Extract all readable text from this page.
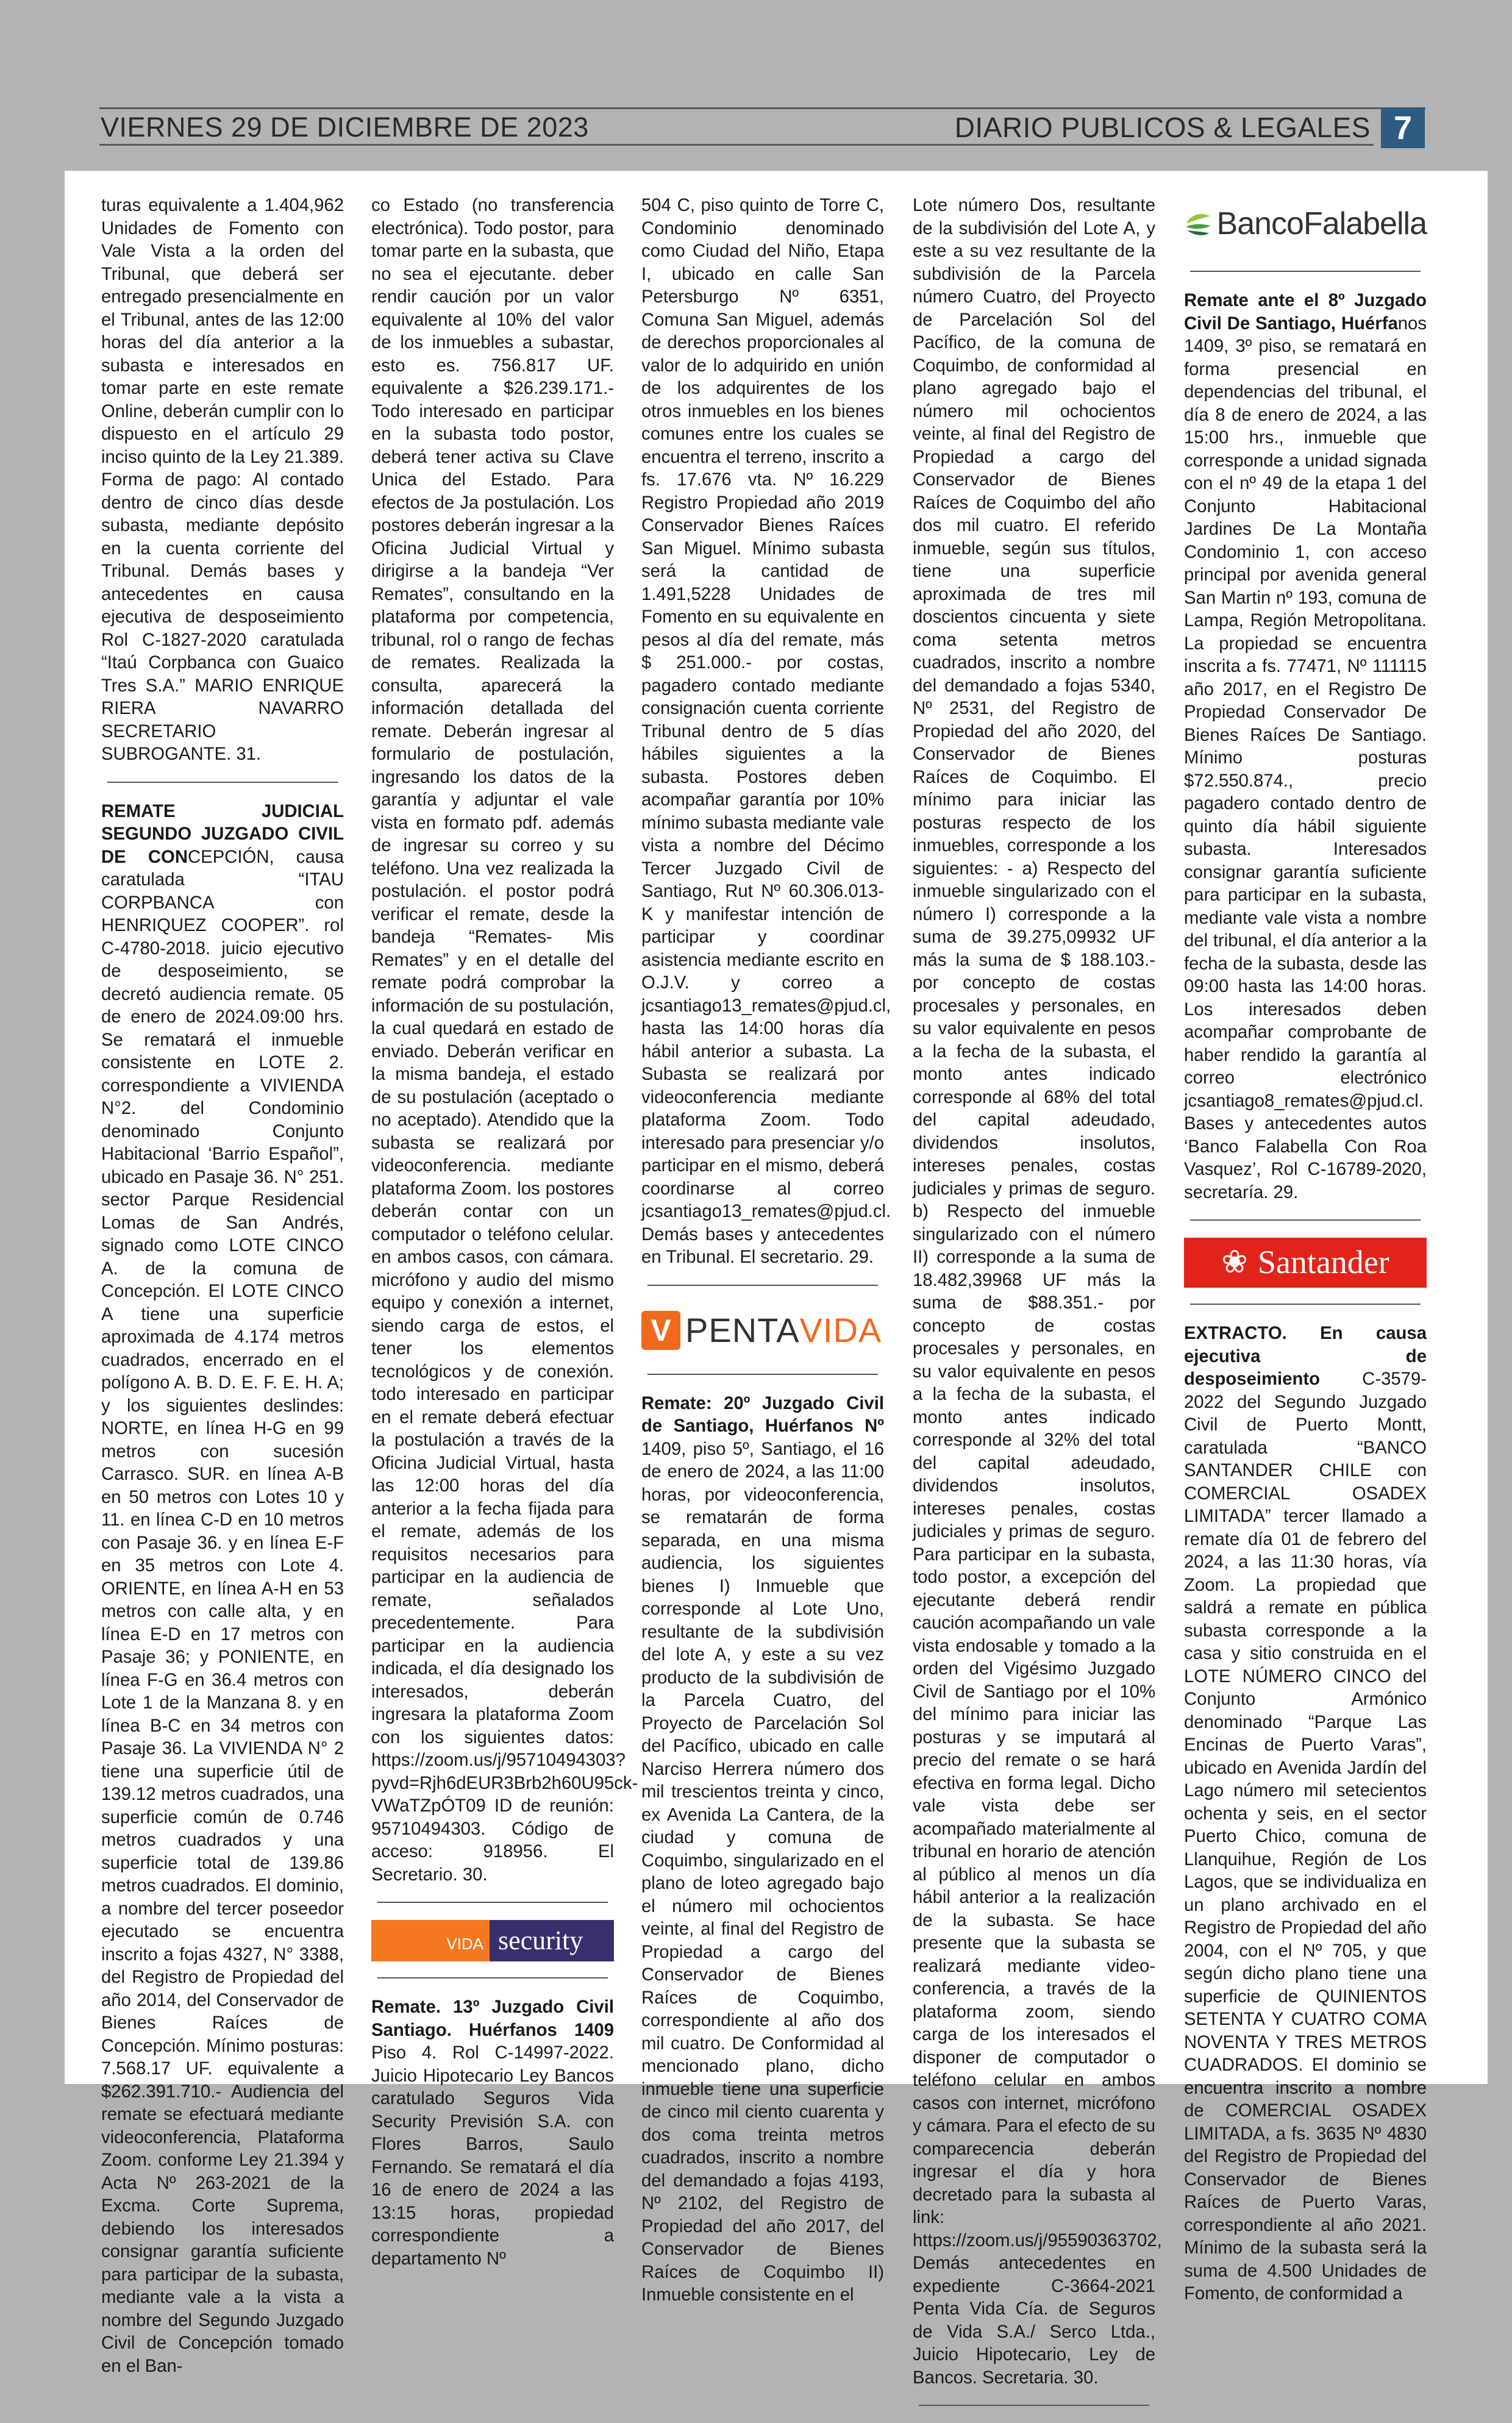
VIERNES 29 DE DICIEMBRE DE 2023	DIARIO PUBLICOS & LEGALES 7

turas equivalente a 1.404,962 Unidades de Fomento con Vale Vista a la orden del Tribunal, que deberá ser entregado presencialmente en el Tribunal, antes de las 12:00 horas del día anterior a la subasta e interesados en tomar parte en este remate Online, deberán cumplir con lo dispuesto en el artículo 29 inciso quinto de la Ley 21.389. Forma de pago: Al contado dentro de cinco días desde subasta, mediante depósito en la cuenta corriente del Tribunal. Demás bases y antecedentes en causa ejecutiva de desposeimiento Rol C-1827-2020 caratulada “Itaú Corpbanca con Guaico Tres S.A.” MARIO ENRIQUE RIERA NAVARRO SECRETARIO SUBROGANTE. 31.

REMATE JUDICIAL SEGUNDO JUZGADO CIVIL DE CONCEPCIÓN, causa caratulada “ITAU CORPBANCA con HENRIQUEZ COOPER”. rol C-4780-2018. juicio ejecutivo de desposeimiento, se decretó audiencia remate. 05 de enero de 2024.09:00 hrs. Se rematará el inmueble consistente en LOTE 2. correspondiente a VIVIENDA N°2. del Condominio denominado Conjunto Habitacional ‘Barrio Español”, ubicado en Pasaje 36. N° 251. sector Parque Residencial Lomas de San Andrés, signado como LOTE CINCO A. de la comuna de Concepción. El LOTE CINCO A tiene una superficie aproximada de 4.174 metros cuadrados, encerrado en el polígono A. B. D. E. F. E. H. A; y los siguientes deslindes: NORTE, en línea H-G en 99 metros con sucesión Carrasco. SUR. en línea A-B en 50 metros con Lotes 10 y 11. en línea C-D en 10 metros con Pasaje 36. y en línea E-F en 35 metros con Lote 4. ORIENTE, en línea A-H en 53 metros con calle alta, y en línea E-D en 17 metros con Pasaje 36; y PONIENTE, en línea F-G en 36.4 metros con Lote 1 de la Manzana 8. y en línea B-C en 34 metros con Pasaje 36. La VIVIENDA N° 2 tiene una superficie útil de 139.12 metros cuadrados, una superficie común de 0.746 metros cuadrados y una superficie total de 139.86 metros cuadrados. El dominio, a nombre del tercer poseedor ejecutado se encuentra inscrito a fojas 4327, N° 3388, del Registro de Propiedad del año 2014, del Conservador de Bienes Raíces de Concepción. Mínimo posturas: 7.568.17 UF. equivalente a $262.391.710.- Audiencia del remate se efectuará mediante videoconferencia, Plataforma Zoom. conforme Ley 21.394 y Acta Nº 263-2021 de la Excma. Corte Suprema, debiendo los interesados consignar garantía suficiente para participar de la subasta, mediante vale a la vista a nombre del Segundo Juzgado Civil de Concepción tomado en el Ban-

co Estado (no transferencia electrónica). Todo postor, para tomar parte en la subasta, que no sea el ejecutante. deber rendir caución por un valor equivalente al 10% del valor de los inmuebles a subastar, esto es. 756.817 UF. equivalente a $26.239.171.- Todo interesado en participar en la subasta todo postor, deberá tener activa su Clave Unica del Estado. Para efectos de Ja postulación. Los postores deberán ingresar a la Oficina Judicial Virtual y dirigirse a la bandeja “Ver Remates”, consultando en la plataforma por competencia, tribunal, rol o rango de fechas de remates. Realizada la consulta, aparecerá la información detallada del remate. Deberán ingresar al formulario de postulación, ingresando los datos de la garantía y adjuntar el vale vista en formato pdf. además de ingresar su correo y su teléfono. Una vez realizada la postulación. el postor podrá verificar el remate, desde la bandeja “Remates- Mis Remates” y en el detalle del remate podrá comprobar la información de su postulación, la cual quedará en estado de enviado. Deberán verificar en la misma bandeja, el estado de su postulación (aceptado o no aceptado). Atendido que la subasta se realizará por videoconferencia. mediante plataforma Zoom. los postores deberán contar con un computador o teléfono celular. en ambos casos, con cámara. micrófono y audio del mismo equipo y conexión a internet, siendo carga de estos, el tener los elementos tecnológicos y de conexión. todo interesado en participar en el remate deberá efectuar la postulación a través de la Oficina Judicial Virtual, hasta las 12:00 horas del día anterior a la fecha fijada para el remate, además de los requisitos necesarios para participar en la audiencia de remate, señalados precedentemente. Para participar en la audiencia indicada, el día designado los interesados, deberán ingresara la plataforma Zoom con los siguientes datos: https://zoom.us/j/95710494303?pyvd=Rjh6dEUR3Brb2h60U95ck-VWaTZpÓT09 ID de reunión: 95710494303. Código de acceso: 918956. El Secretario. 30.

VIDA security

Remate. 13º Juzgado Civil Santiago. Huérfanos 1409 Piso 4. Rol C-14997-2022. Juicio Hipotecario Ley Bancos caratulado Seguros Vida Security Previsión S.A. con Flores Barros, Saulo Fernando. Se rematará el día 16 de enero de 2024 a las 13:15 horas, propiedad correspondiente a departamento Nº

504 C, piso quinto de Torre C, Condominio denominado como Ciudad del Niño, Etapa I, ubicado en calle San Petersburgo Nº 6351, Comuna San Miguel, además de derechos proporcionales al valor de lo adquirido en unión de los adquirentes de los otros inmuebles en los bienes comunes entre los cuales se encuentra el terreno, inscrito a fs. 17.676 vta. Nº 16.229 Registro Propiedad año 2019 Conservador Bienes Raíces San Miguel. Mínimo subasta será la cantidad de 1.491,5228 Unidades de Fomento en su equivalente en pesos al día del remate, más $ 251.000.- por costas, pagadero contado mediante consignación cuenta corriente Tribunal dentro de 5 días hábiles siguientes a la subasta. Postores deben acompañar garantía por 10% mínimo subasta mediante vale vista a nombre del Décimo Tercer Juzgado Civil de Santiago, Rut Nº 60.306.013-K y manifestar intención de participar y coordinar asistencia mediante escrito en O.J.V. y correo a jcsantiago13_remates@pjud.cl, hasta las 14:00 horas día hábil anterior a subasta. La Subasta se realizará por videoconferencia mediante plataforma Zoom. Todo interesado para presenciar y/o participar en el mismo, deberá coordinarse al correo jcsantiago13_remates@pjud.cl. Demás bases y antecedentes en Tribunal. El secretario. 29.

V PENTA VIDA

Remate: 20º Juzgado Civil de Santiago, Huérfanos Nº 1409, piso 5º, Santiago, el 16 de enero de 2024, a las 11:00 horas, por videoconferencia, se rematarán de forma separada, en una misma audiencia, los siguientes bienes I) Inmueble que corresponde al Lote Uno, resultante de la subdivisión del lote A, y este a su vez producto de la subdivisión de la Parcela Cuatro, del Proyecto de Parcelación Sol del Pacífico, ubicado en calle Narciso Herrera número dos mil trescientos treinta y cinco, ex Avenida La Cantera, de la ciudad y comuna de Coquimbo, singularizado en el plano de loteo agregado bajo el número mil ochocientos veinte, al final del Registro de Propiedad a cargo del Conservador de Bienes Raíces de Coquimbo, correspondiente al año dos mil cuatro. De Conformidad al mencionado plano, dicho inmueble tiene una superficie de cinco mil ciento cuarenta y dos coma treinta metros cuadrados, inscrito a nombre del demandado a fojas 4193, Nº 2102, del Registro de Propiedad del año 2017, del Conservador de Bienes Raíces de Coquimbo II) Inmueble consistente en el

Lote número Dos, resultante de la subdivisión del Lote A, y este a su vez resultante de la subdivisión de la Parcela número Cuatro, del Proyecto de Parcelación Sol del Pacífico, de la comuna de Coquimbo, de conformidad al plano agregado bajo el número mil ochocientos veinte, al final del Registro de Propiedad a cargo del Conservador de Bienes Raíces de Coquimbo del año dos mil cuatro. El referido inmueble, según sus títulos, tiene una superficie aproximada de tres mil doscientos cincuenta y siete coma setenta metros cuadrados, inscrito a nombre del demandado a fojas 5340, Nº 2531, del Registro de Propiedad del año 2020, del Conservador de Bienes Raíces de Coquimbo. El mínimo para iniciar las posturas respecto de los inmuebles, corresponde a los siguientes: - a) Respecto del inmueble singularizado con el número I) corresponde a la suma de 39.275,09932 UF más la suma de $ 188.103.- por concepto de costas procesales y personales, en su valor equivalente en pesos a la fecha de la subasta, el monto antes indicado corresponde al 68% del total del capital adeudado, dividendos insolutos, intereses penales, costas judiciales y primas de seguro. b) Respecto del inmueble singularizado con el número II) corresponde a la suma de 18.482,39968 UF más la suma de $88.351.- por concepto de costas procesales y personales, en su valor equivalente en pesos a la fecha de la subasta, el monto antes indicado corresponde al 32% del total del capital adeudado, dividendos insolutos, intereses penales, costas judiciales y primas de seguro. Para participar en la subasta, todo postor, a excepción del ejecutante deberá rendir caución acompañando un vale vista endosable y tomado a la orden del Vigésimo Juzgado Civil de Santiago por el 10% del mínimo para iniciar las posturas y se imputará al precio del remate o se hará efectiva en forma legal. Dicho vale vista debe ser acompañado materialmente al tribunal en horario de atención al público al menos un día hábil anterior a la realización de la subasta. Se hace presente que la subasta se realizará mediante video- conferencia, a través de la plataforma zoom, siendo carga de los interesados el disponer de computador o teléfono celular en ambos casos con internet, micrófono y cámara. Para el efecto de su comparecencia deberán ingresar el día y hora decretado para la subasta al link: https://zoom.us/j/95590363702, Demás antecedentes en expediente C-3664-2021 Penta Vida Cía. de Seguros de Vida S.A./ Serco Ltda., Juicio Hipotecario, Ley de Bancos. Secretaria. 30.

Banco Falabella

Remate ante el 8º Juzgado Civil De Santiago, Huérfanos 1409, 3º piso, se rematará en forma presencial en dependencias del tribunal, el día 8 de enero de 2024, a las 15:00 hrs., inmueble que corresponde a unidad signada con el nº 49 de la etapa 1 del Conjunto Habitacional Jardines De La Montaña Condominio 1, con acceso principal por avenida general San Martin nº 193, comuna de Lampa, Región Metropolitana. La propiedad se encuentra inscrita a fs. 77471, Nº 111115 año 2017, en el Registro De Propiedad Conservador De Bienes Raíces De Santiago. Mínimo posturas $72.550.874., precio pagadero contado dentro de quinto día hábil siguiente subasta. Interesados consignar garantía suficiente para participar en la subasta, mediante vale vista a nombre del tribunal, el día anterior a la fecha de la subasta, desde las 09:00 hasta las 14:00 horas. Los interesados deben acompañar comprobante de haber rendido la garantía al correo electrónico jcsantiago8_remates@pjud.cl. Bases y antecedentes autos ‘Banco Falabella Con Roa Vasquez’, Rol C-16789-2020, secretaría. 29.

❀ Santander

EXTRACTO. En causa ejecutiva de desposeimiento C-3579-2022 del Segundo Juzgado Civil de Puerto Montt, caratulada “BANCO SANTANDER CHILE con COMERCIAL OSADEX LIMITADA” tercer llamado a remate día 01 de febrero del 2024, a las 11:30 horas, vía Zoom. La propiedad que saldrá a remate en pública subasta corresponde a la casa y sitio construida en el LOTE NÚMERO CINCO del Conjunto Armónico denominado “Parque Las Encinas de Puerto Varas”, ubicado en Avenida Jardín del Lago número mil setecientos ochenta y seis, en el sector Puerto Chico, comuna de Llanquihue, Región de Los Lagos, que se individualiza en un plano archivado en el Registro de Propiedad del año 2004, con el Nº 705, y que según dicho plano tiene una superficie de QUINIENTOS SETENTA Y CUATRO COMA NOVENTA Y TRES METROS CUADRADOS. El dominio se encuentra inscrito a nombre de COMERCIAL OSADEX LIMITADA, a fs. 3635 Nº 4830 del Registro de Propiedad del Conservador de Bienes Raíces de Puerto Varas, correspondiente al año 2021. Mínimo de la subasta será la suma de 4.500 Unidades de Fomento, de conformidad a
